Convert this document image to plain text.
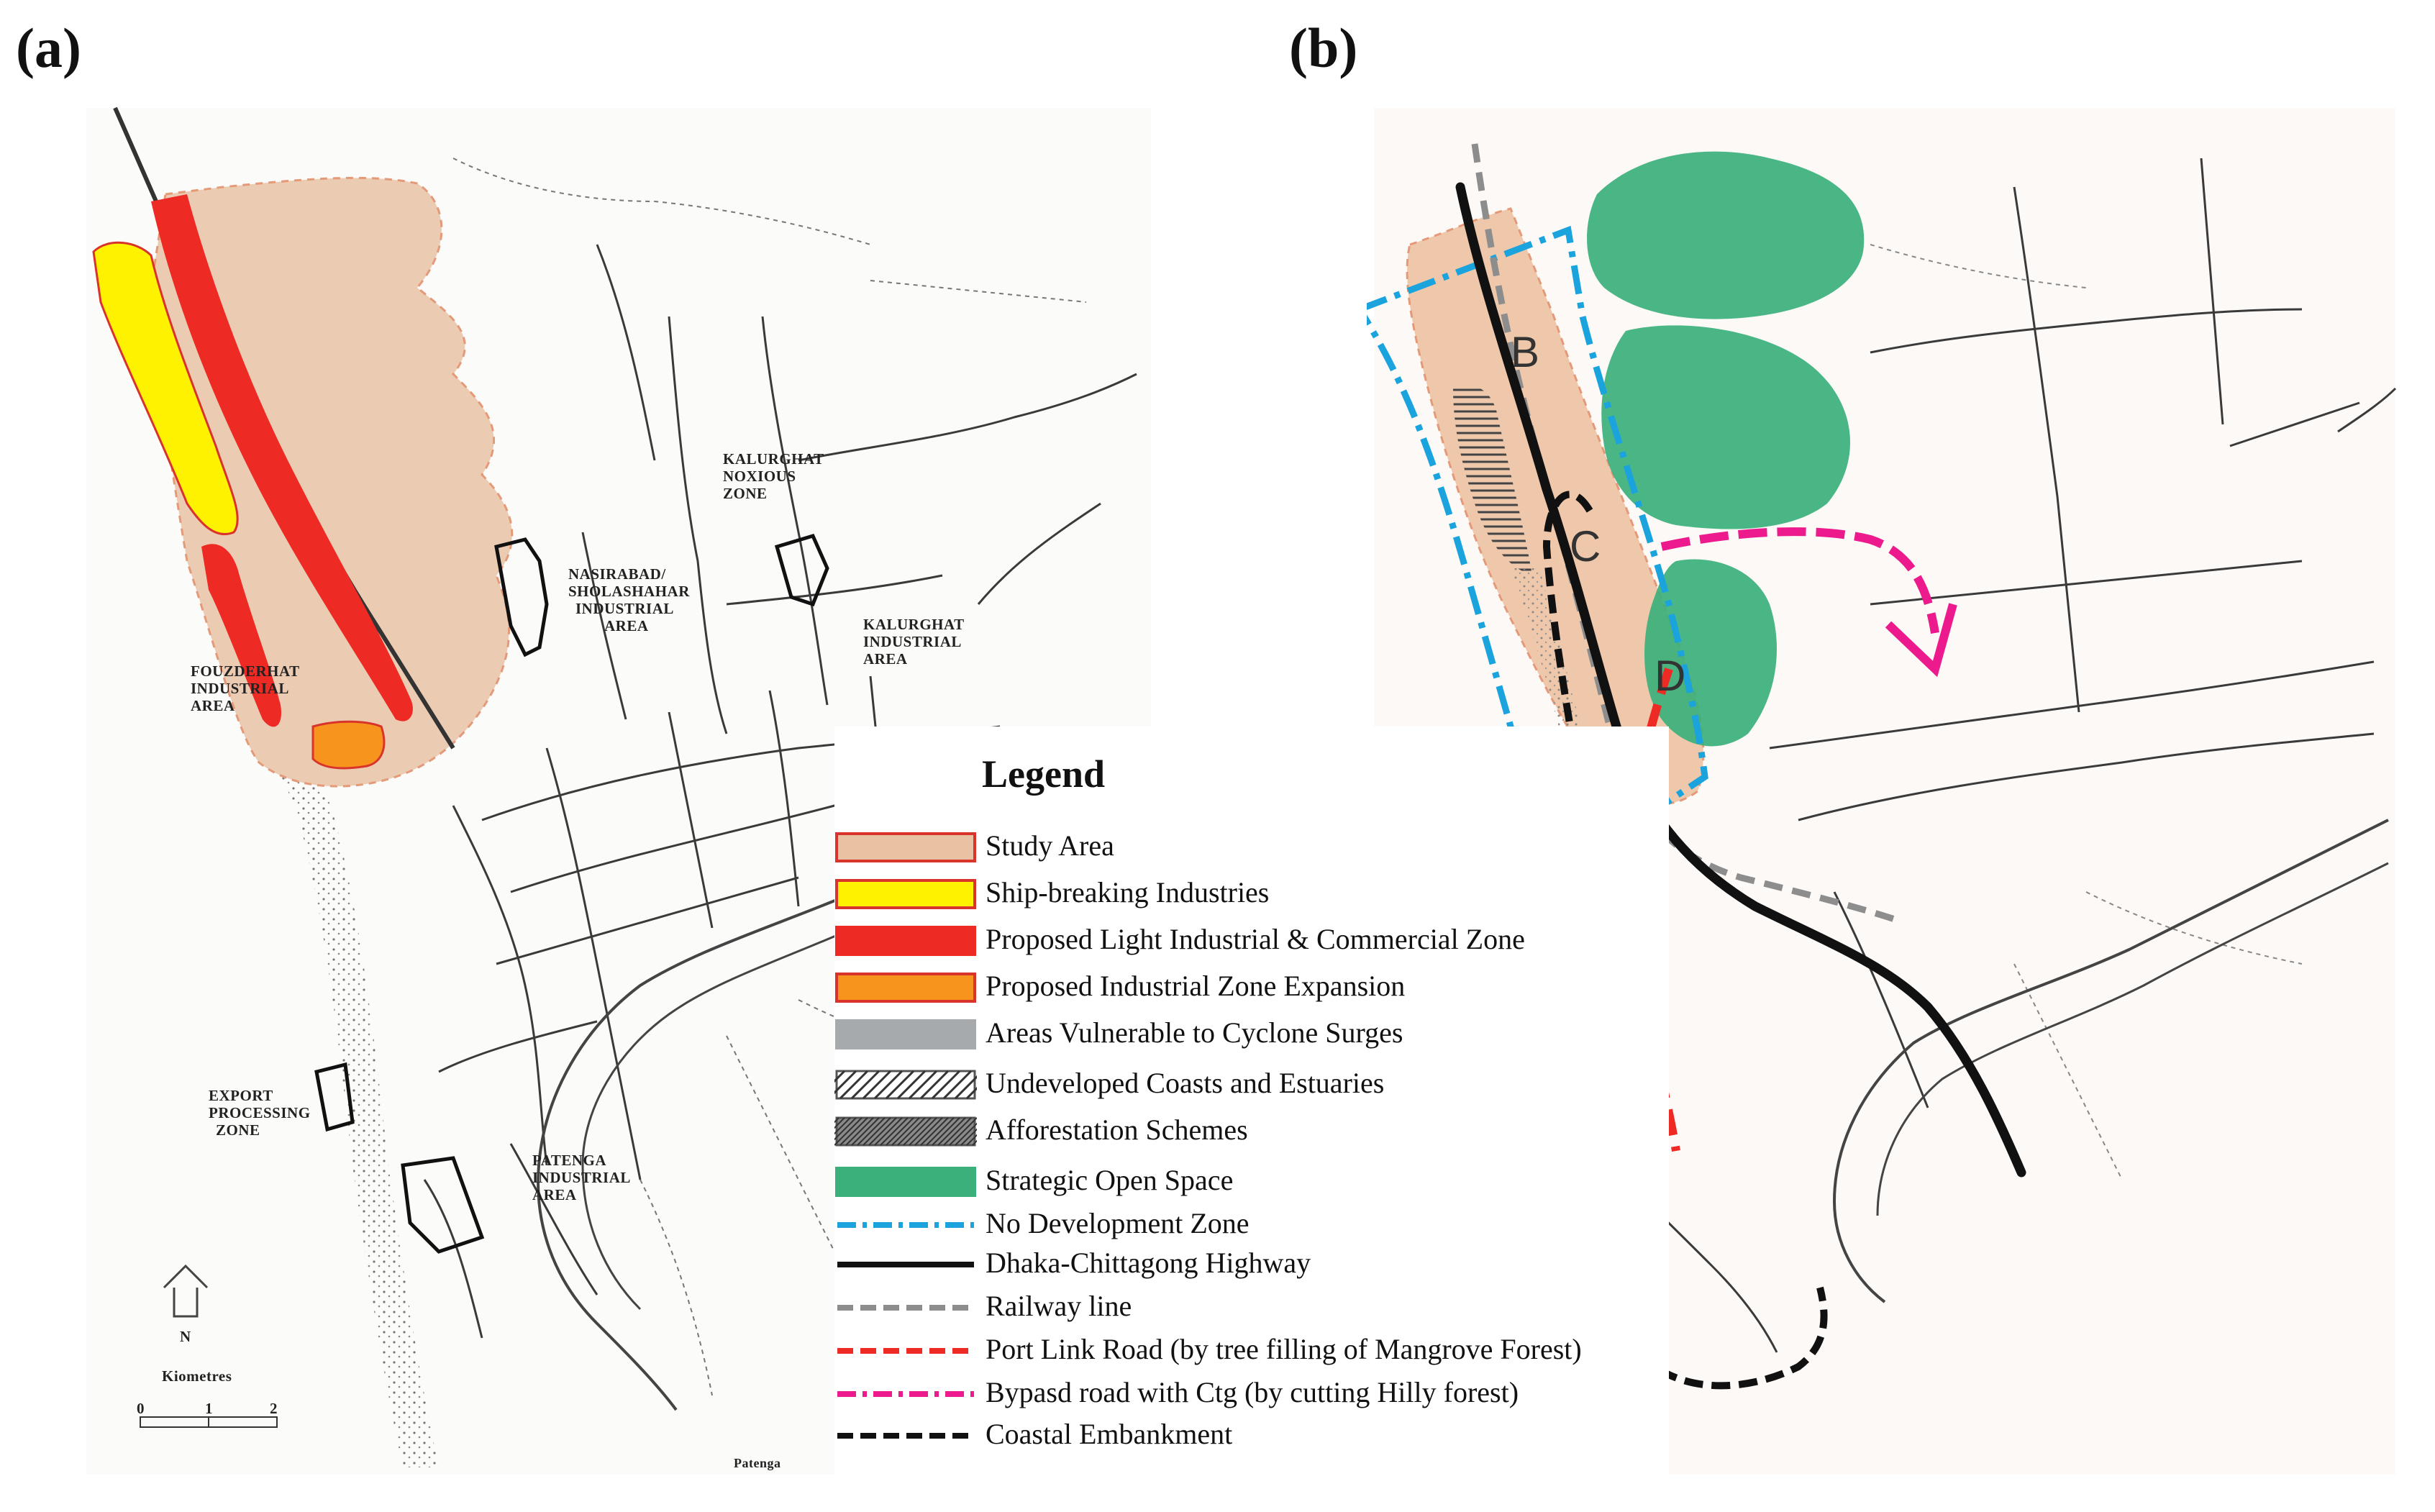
(a)	(b)
KALURGHAT NOXIOUS ZONE
NASIRABAD/ SHOLASHAHAR INDUSTRIAL AREA	KALURGHAT INDUSTRIAL AREA
FOUZDERHAT INDUSTRIAL AREA
EXPORT PROCESSING ZONE
PATENGA INDUSTRIAL AREA
N
Kiometres
0	1	2
Patenga
B
C
D
Legend
Study Area
Ship-breaking Industries
Proposed Light Industrial & Commercial Zone
Proposed Industrial Zone Expansion
Areas Vulnerable to Cyclone Surges
Undeveloped Coasts and Estuaries
Afforestation Schemes
Strategic Open Space
No Development Zone
Dhaka-Chittagong Highway
Railway line
Port Link Road (by tree filling of Mangrove Forest)
Bypasd road with Ctg (by cutting Hilly forest)
Coastal Embankment
